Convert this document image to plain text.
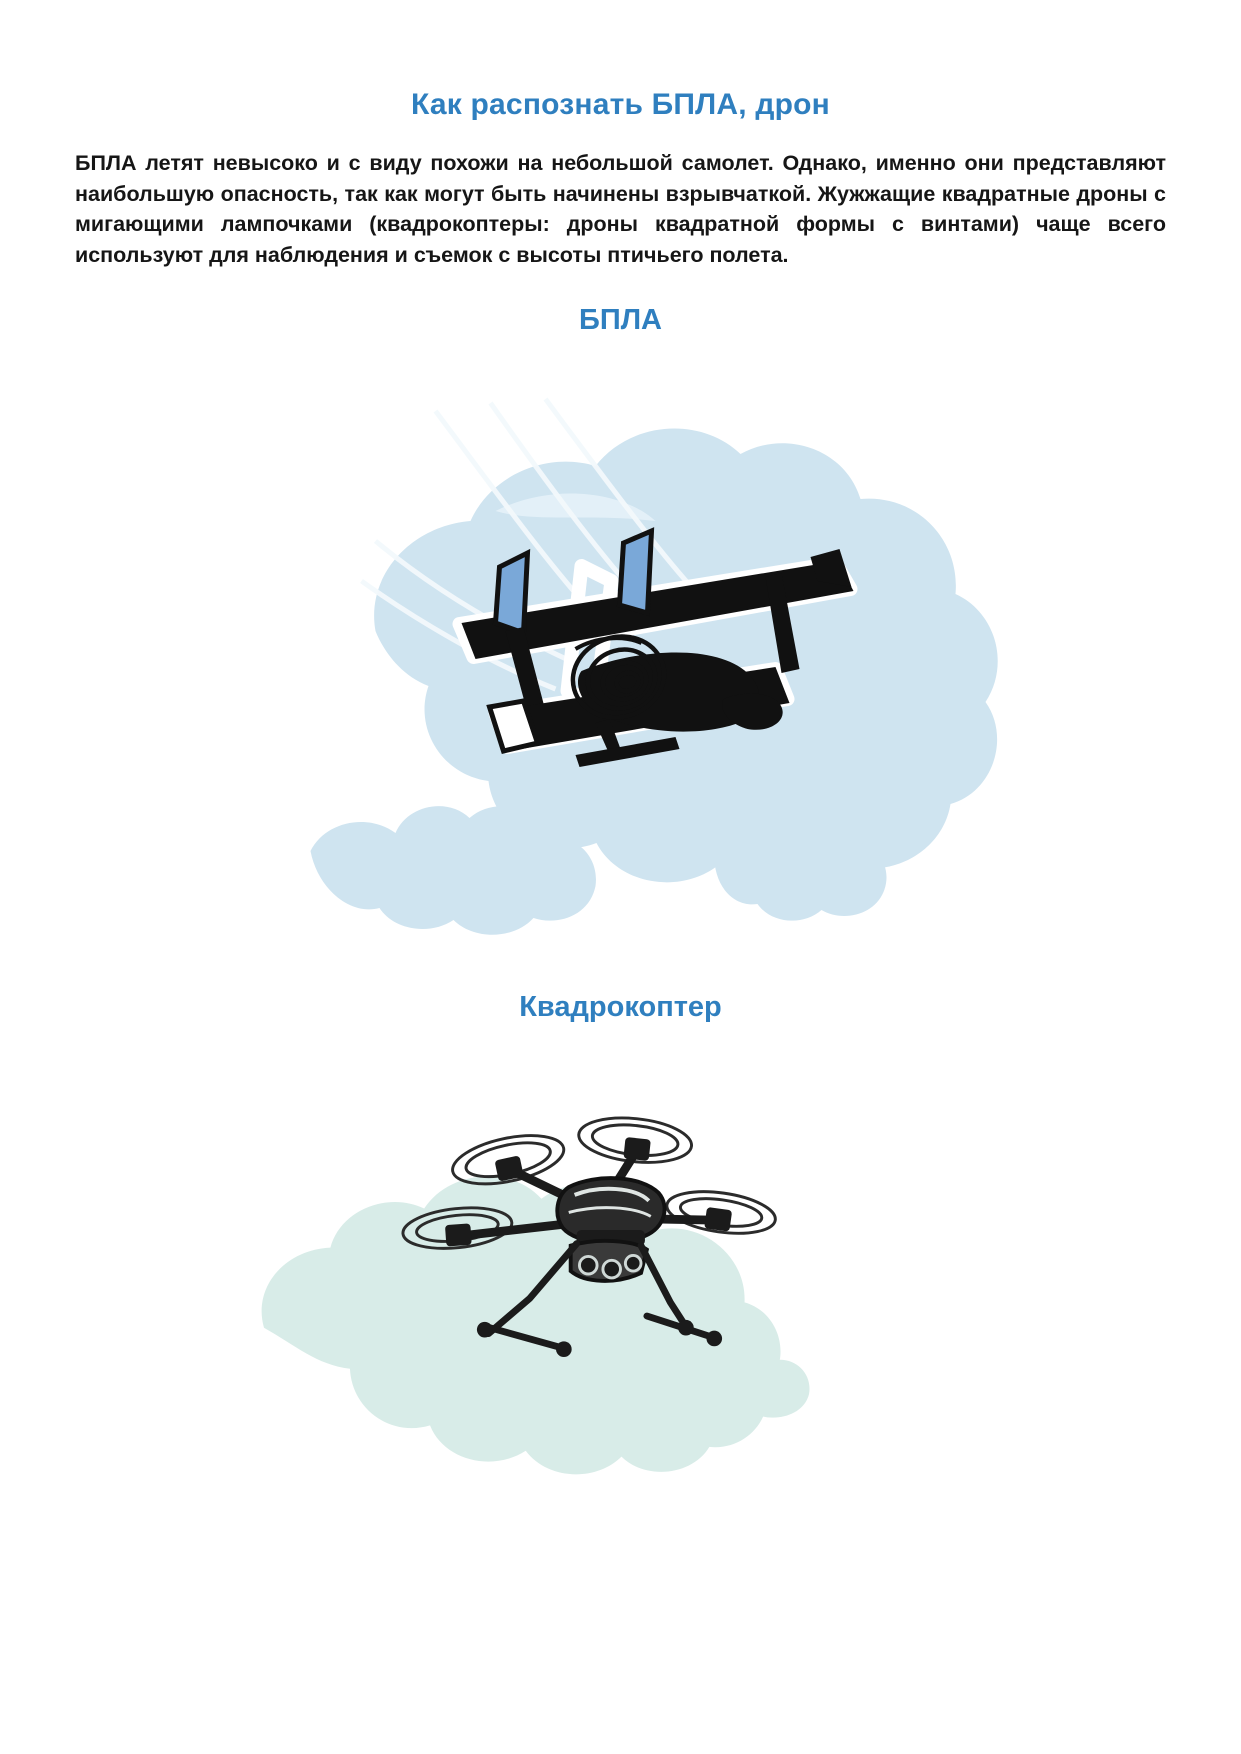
Как распознать БПЛА, дрон

БПЛА летят невысоко и с виду похожи на небольшой самолет. Однако, именно они представляют наибольшую опасность, так как могут быть начинены взрывчаткой. Жужжащие квадратные дроны с мигающими лампочками (квадрокоптеры: дроны квадратной формы с винтами) чаще всего используют для наблюдения и съемок с высоты птичьего полета.

БПЛА
Квадрокоптер
